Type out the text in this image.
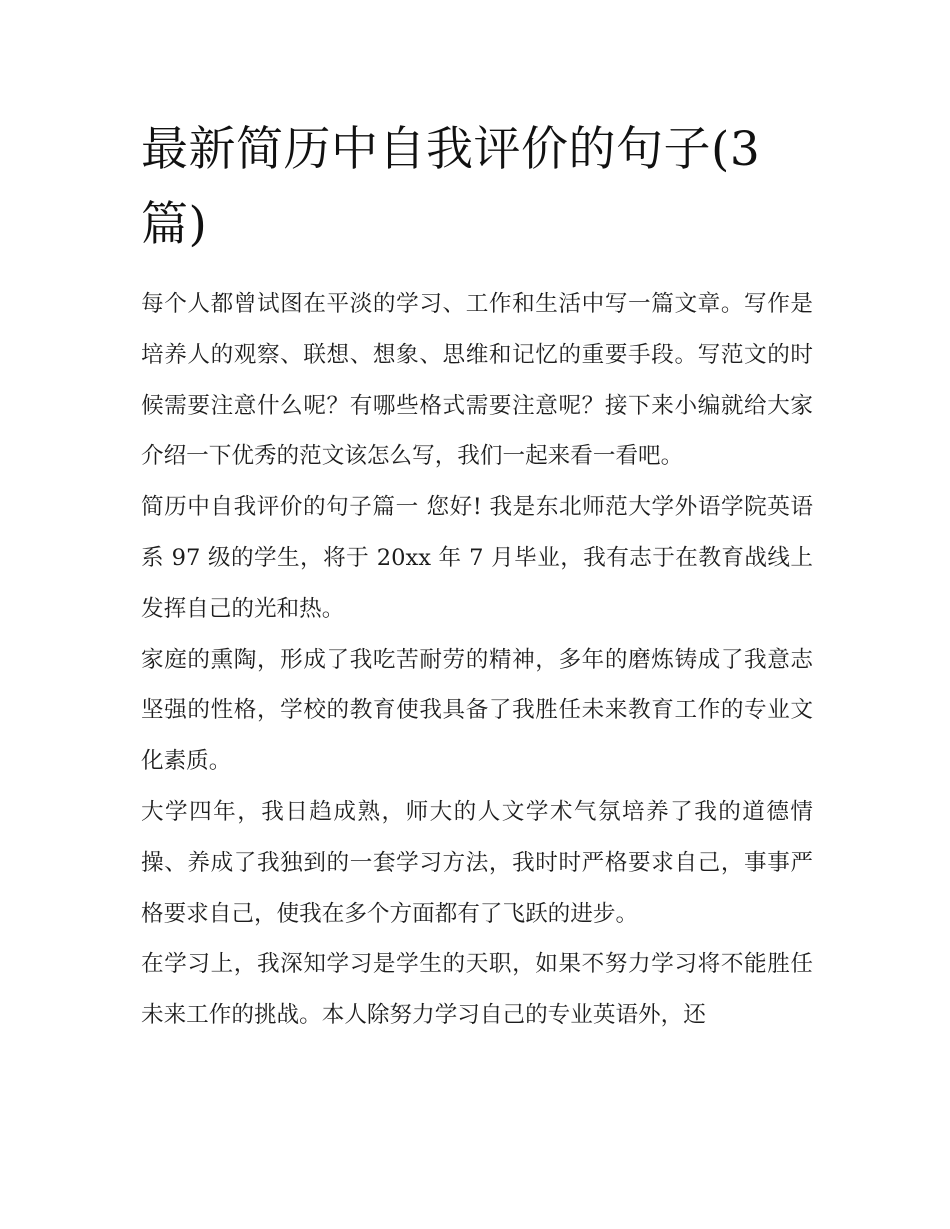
最新简历中自我评价的句子(3篇)

每个人都曾试图在平淡的学习、工作和生活中写一篇文章。写作是培养人的观察、联想、想象、思维和记忆的重要手段。写范文的时候需要注意什么呢？有哪些格式需要注意呢？接下来小编就给大家介绍一下优秀的范文该怎么写，我们一起来看一看吧。

简历中自我评价的句子篇一 您好! 我是东北师范大学外语学院英语系 97 级的学生，将于 20xx 年 7 月毕业，我有志于在教育战线上发挥自己的光和热。

家庭的熏陶，形成了我吃苦耐劳的精神，多年的磨炼铸成了我意志坚强的性格，学校的教育使我具备了我胜任未来教育工作的专业文化素质。

大学四年，我日趋成熟，师大的人文学术气氛培养了我的道德情操、养成了我独到的一套学习方法，我时时严格要求自己，事事严格要求自己，使我在多个方面都有了飞跃的进步。

在学习上，我深知学习是学生的天职，如果不努力学习将不能胜任未来工作的挑战。本人除努力学习自己的专业英语外，还
